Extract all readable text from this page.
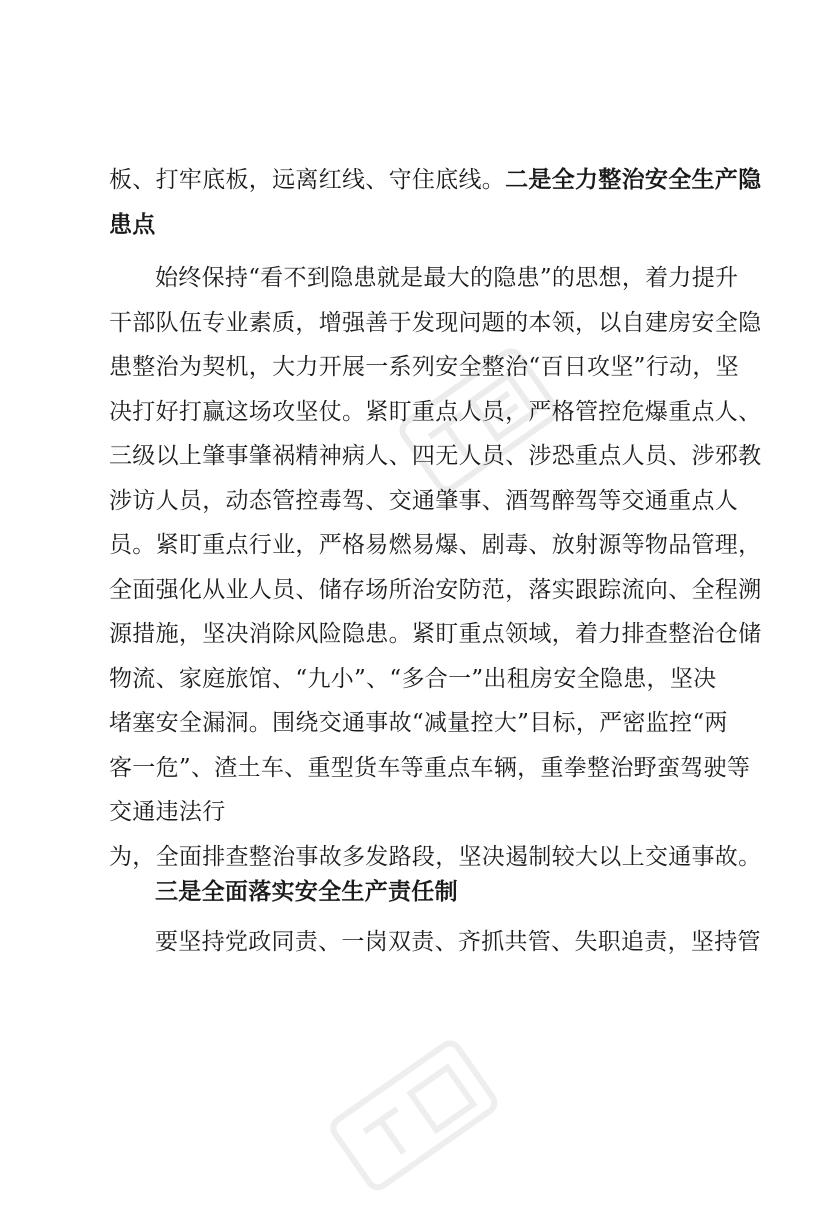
板、打牢底板，远离红线、守住底线。二是全力整治安全生产隐

患点

始终保持“看不到隐患就是最大的隐患”的思想，着力提升

干部队伍专业素质，增强善于发现问题的本领，以自建房安全隐

患整治为契机，大力开展一系列安全整治“百日攻坚”行动，坚

决打好打赢这场攻坚仗。紧盯重点人员，严格管控危爆重点人、

三级以上肇事肇祸精神病人、四无人员、涉恐重点人员、涉邪教

涉访人员，动态管控毒驾、交通肇事、酒驾醉驾等交通重点人

员。紧盯重点行业，严格易燃易爆、剧毒、放射源等物品管理，

全面强化从业人员、储存场所治安防范，落实跟踪流向、全程溯

源措施，坚决消除风险隐患。紧盯重点领域，着力排查整治仓储

物流、家庭旅馆、“九小”、“多合一”出租房安全隐患，坚决

堵塞安全漏洞。围绕交通事故“减量控大”目标，严密监控“两

客一危”、渣土车、重型货车等重点车辆，重拳整治野蛮驾驶等

交通违法行

为，全面排查整治事故多发路段，坚决遏制较大以上交通事故。

三是全面落实安全生产责任制

要坚持党政同责、一岗双责、齐抓共管、失职追责，坚持管
